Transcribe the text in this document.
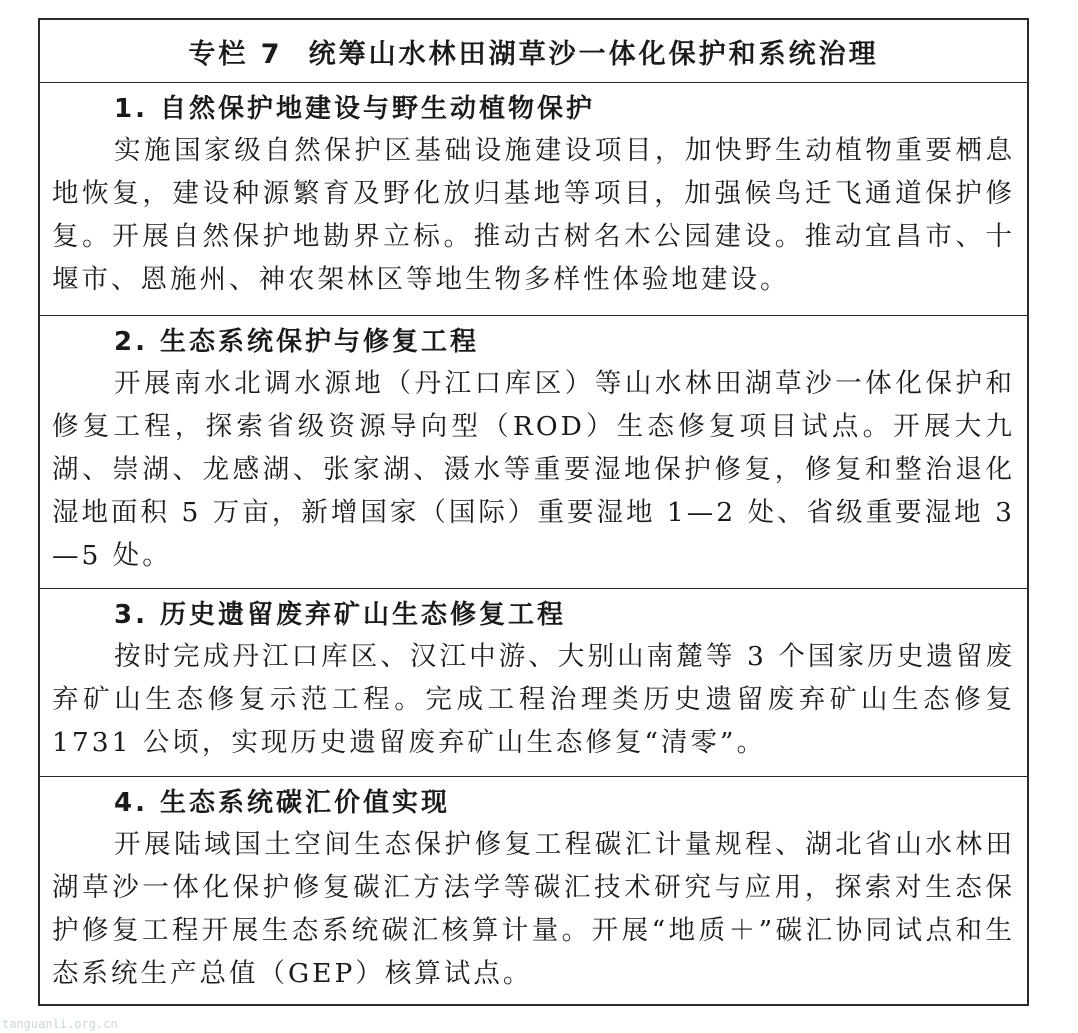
专栏 7 统筹山水林田湖草沙一体化保护和系统治理
1. 自然保护地建设与野生动植物保护

实施国家级自然保护区基础设施建设项目，加快野生动植物重要栖息地恢复，建设种源繁育及野化放归基地等项目，加强候鸟迁飞通道保护修复。开展自然保护地勘界立标。推动古树名木公园建设。推动宜昌市、十堰市、恩施州、神农架林区等地生物多样性体验地建设。

2. 生态系统保护与修复工程

开展南水北调水源地（丹江口库区）等山水林田湖草沙一体化保护和修复工程，探索省级资源导向型（ROD）生态修复项目试点。开展大九湖、崇湖、龙感湖、张家湖、滠水等重要湿地保护修复，修复和整治退化湿地面积 5 万亩，新增国家（国际）重要湿地 1—2 处、省级重要湿地 3—5 处。

3. 历史遗留废弃矿山生态修复工程

按时完成丹江口库区、汉江中游、大别山南麓等 3 个国家历史遗留废弃矿山生态修复示范工程。完成工程治理类历史遗留废弃矿山生态修复 1731 公顷，实现历史遗留废弃矿山生态修复“清零”。

4. 生态系统碳汇价值实现

开展陆域国土空间生态保护修复工程碳汇计量规程、湖北省山水林田湖草沙一体化保护修复碳汇方法学等碳汇技术研究与应用，探索对生态保护修复工程开展生态系统碳汇核算计量。开展“地质＋”碳汇协同试点和生态系统生产总值（GEP）核算试点。

tanguanli.org.cn
